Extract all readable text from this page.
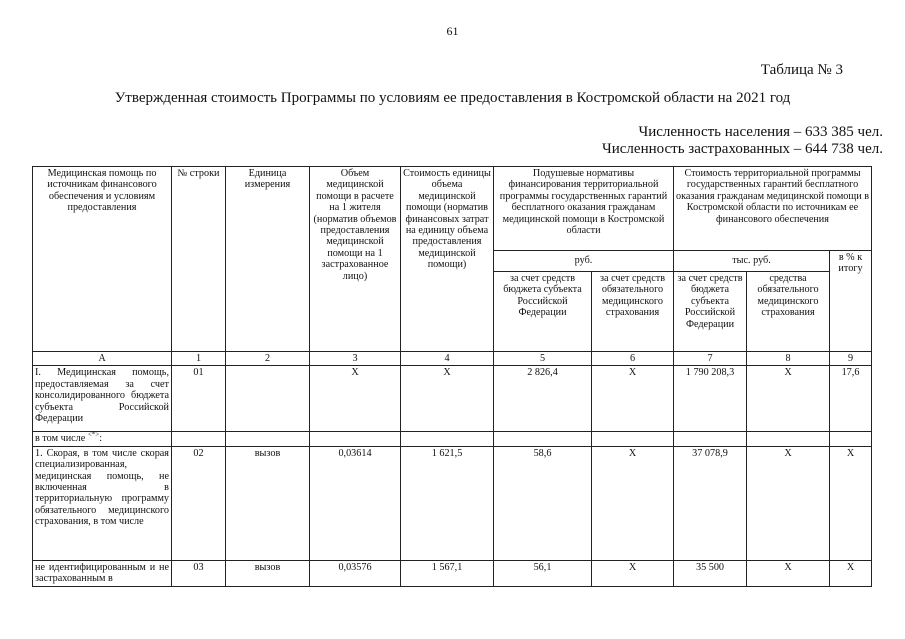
61
Таблица № 3
Утвержденная стоимость Программы по условиям ее предоставления в Костромской области на 2021 год
Численность населения – 633 385 чел.
Численность застрахованных – 644 738 чел.
Медицинская помощь по источникам финансового обеспечения и условиям предоставления	№ строки	Единица измерения	Объем медицинской помощи в расчете на 1 жителя (норматив объемов предоставления медицинской помощи на 1 застрахованное лицо)	Стоимость единицы объема медицинской помощи (норматив финансовых затрат на единицу объема предоставления медицинской помощи)	Подушевые нормативы финансирования территориальной программы государственных гарантий бесплатного оказания гражданам медицинской помощи в Костромской области		Стоимость территориальной программы государственных гарантий бесплатного оказания гражданам медицинской помощи в Костромской области по источникам ее финансового обеспечения		
					руб.		тыс. руб.		в % к итогу
					за счет средств бюджета субъекта Российской Федерации	за счет средств обязательного медицинского страхования	за счет средств бюджета субъекта Российской Федерации	средства обязательного медицинского страхования	
А	1	2	3	4	5	6	7	8	9
I. Медицинская помощь, предоставляемая за счет консолидированного бюджета субъекта Российской Федерации	01		Х	Х	2 826,4	Х	1 790 208,3	Х	17,6
в том числе <*>:									
1. Скорая, в том числе скорая специализированная, медицинская помощь, не включенная в территориальную программу обязательного медицинского страхования, в том числе	02	вызов	0,03614	1 621,5	58,6	Х	37 078,9	Х	Х
не идентифицированным и не застрахованным в	03	вызов	0,03576	1 567,1	56,1	Х	35 500	Х	Х
